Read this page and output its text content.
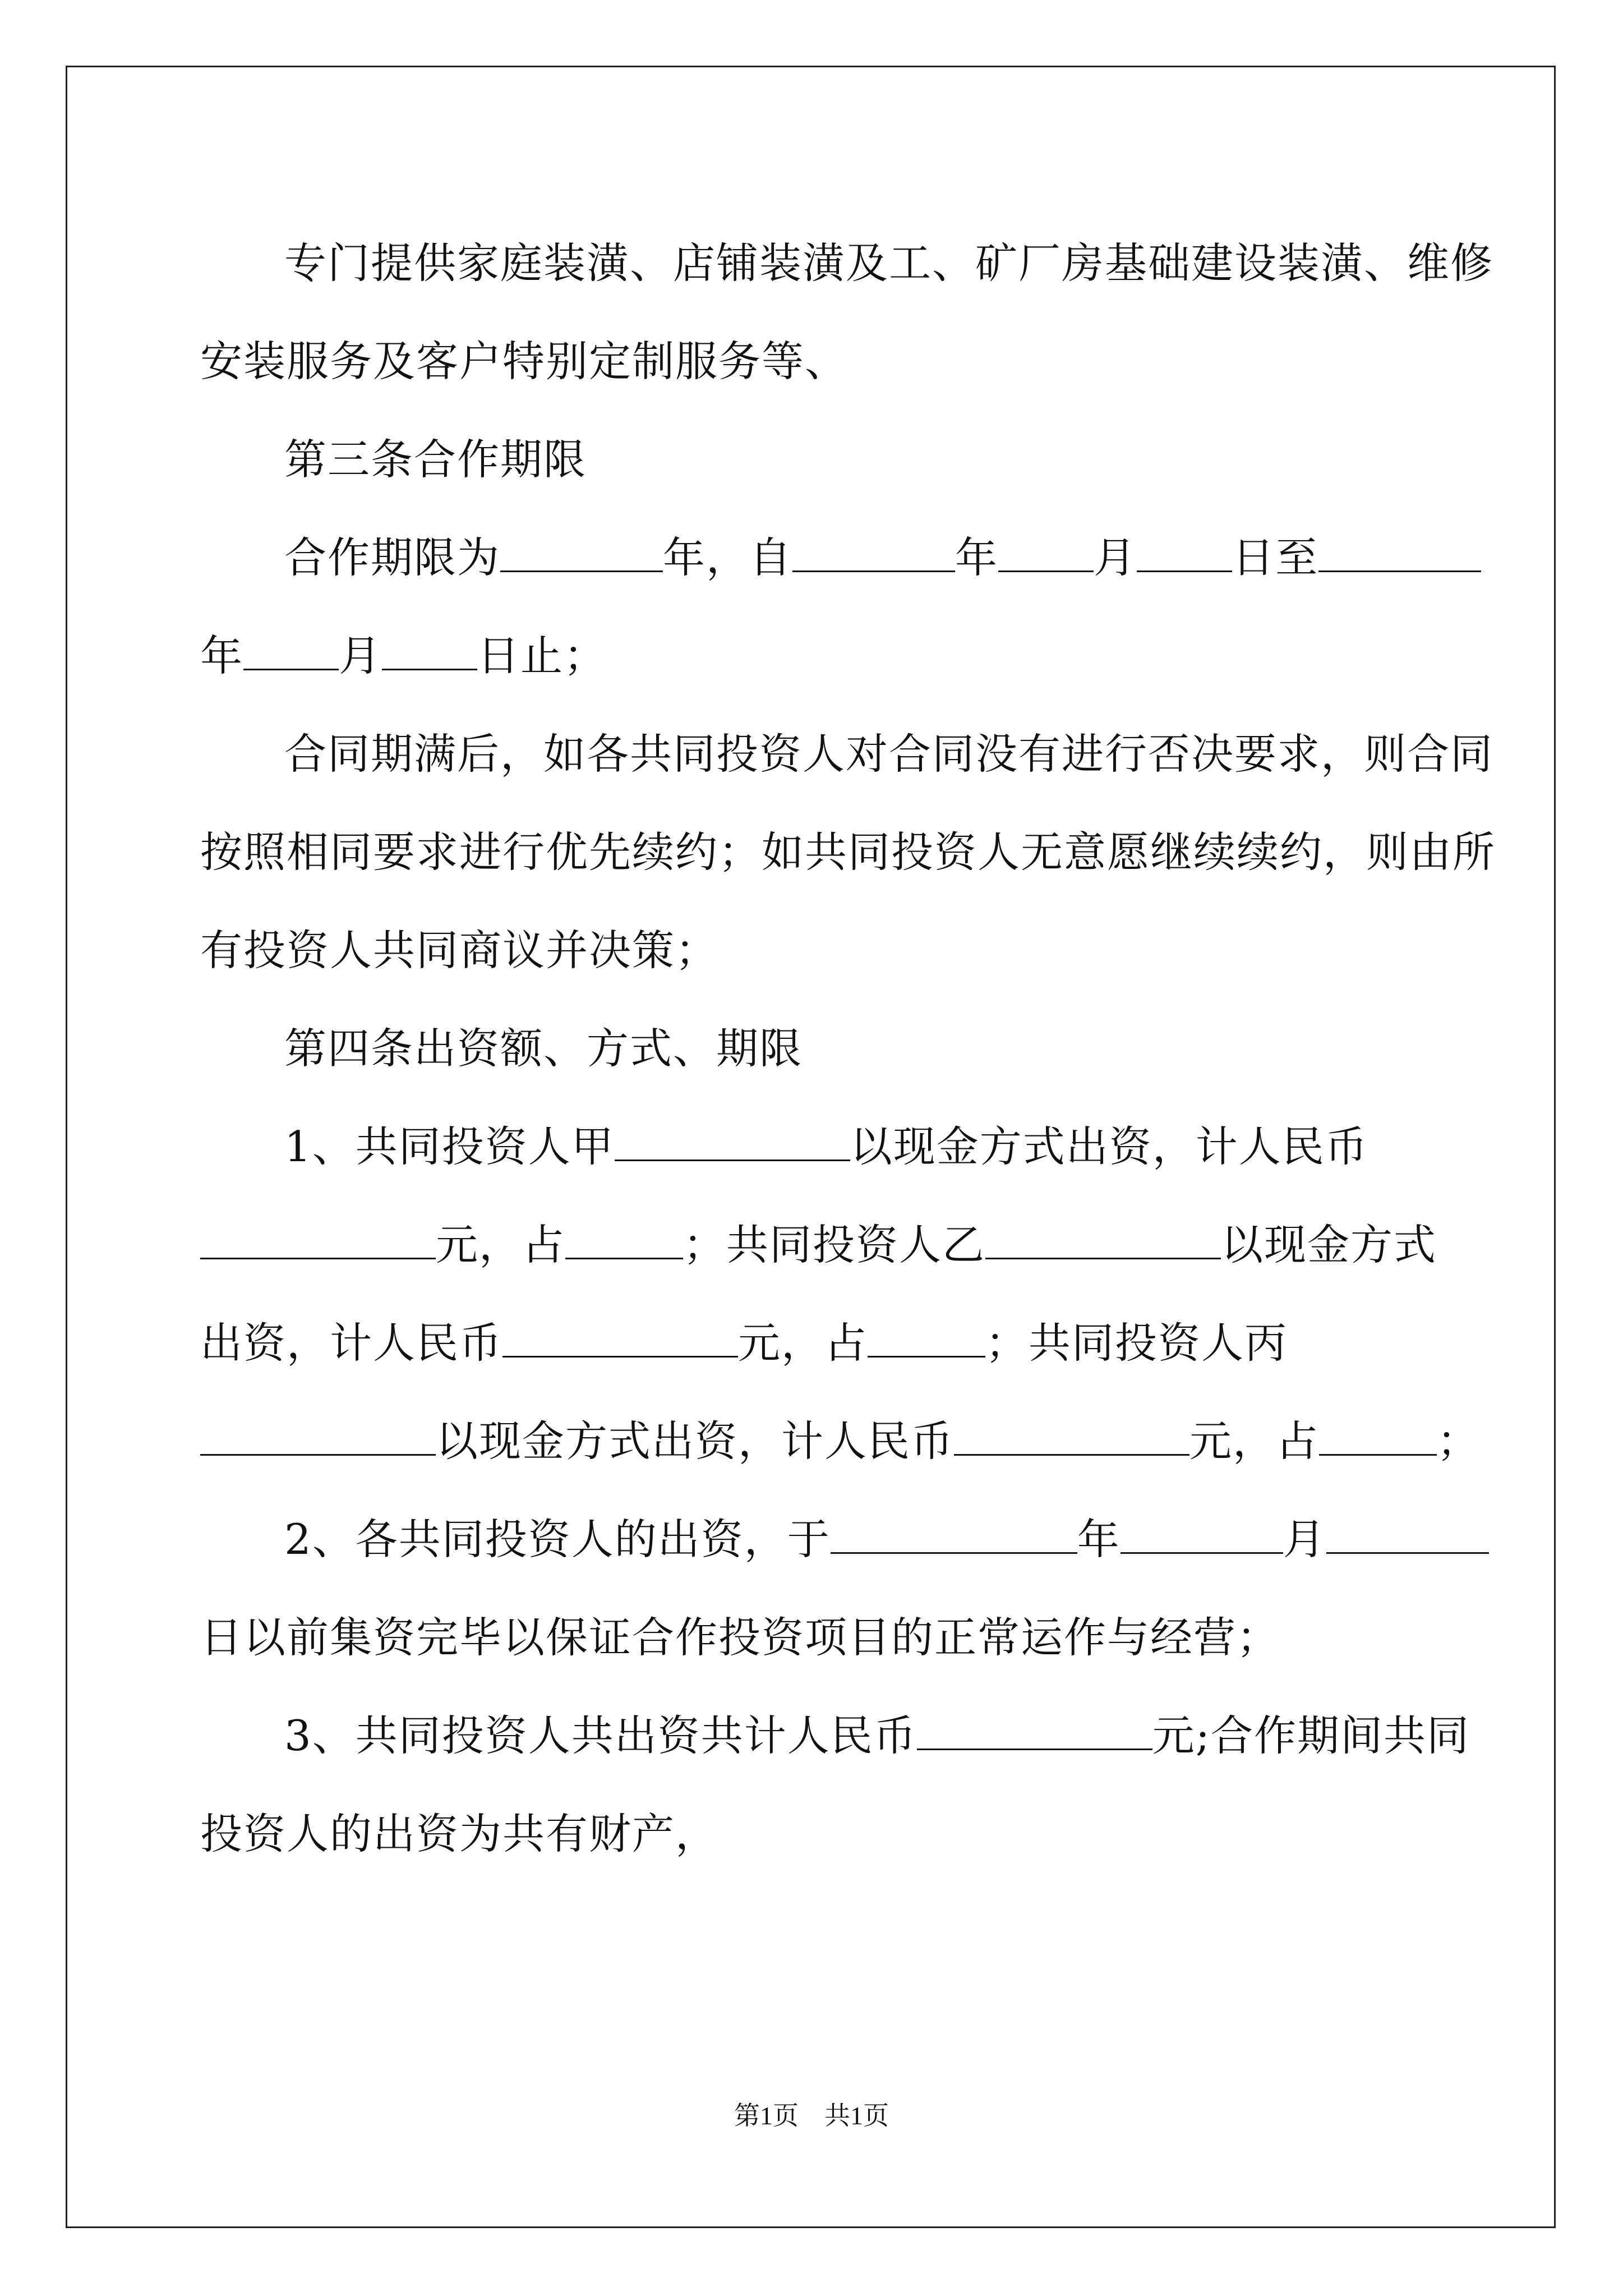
专门提供家庭装潢、店铺装潢及工、矿厂房基础建设装潢、维修
安装服务及客户特别定制服务等、
第三条合作期限
合作期限为	年，自	年 月 日至
年 月 日止；
合同期满后，如各共同投资人对合同没有进行否决要求，则合同
按照相同要求进行优先续约；如共同投资人无意愿继续续约，则由所
有投资人共同商议并决策；
第四条出资额、方式、期限
1、共同投资人甲	以现金方式出资，计人民币
元，占	；共同投资人乙	以现金方式
出资，计人民币	元，占	；共同投资人丙
以现金方式出资，计人民币	元，占	；
2、各共同投资人的出资，于	年	月
日以前集资完毕以保证合作投资项目的正常运作与经营；
3、共同投资人共出资共计人民币	元;合作期间共同
投资人的出资为共有财产，
第1页　共1页
